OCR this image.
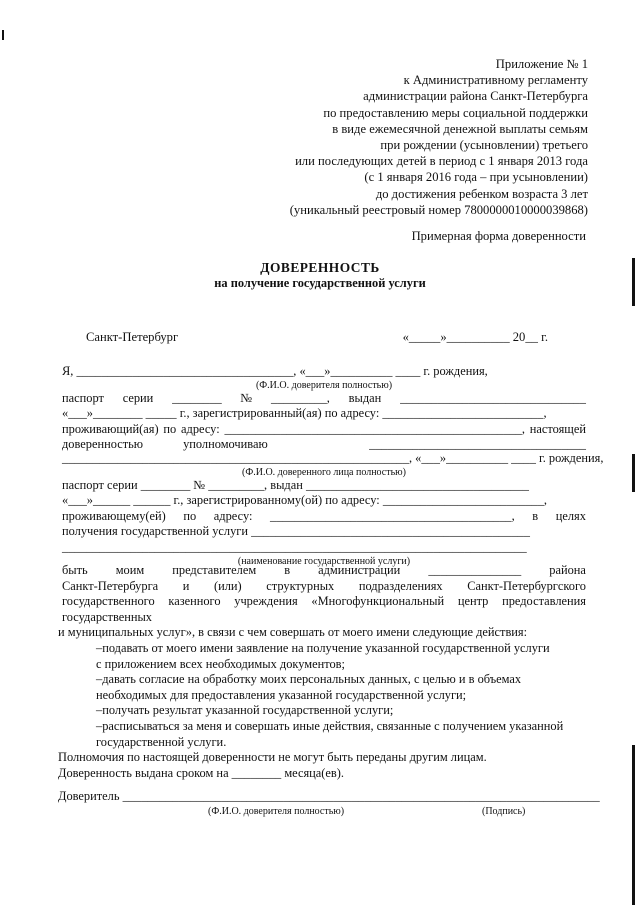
Приложение № 1
к Административному регламенту
администрации района Санкт-Петербурга
по предоставлению меры социальной поддержки
в виде ежемесячной денежной выплаты семьям
при рождении (усыновлении) третьего
или последующих детей в период с 1 января 2013 года
(с 1 января 2016 года – при усыновлении)
до достижения ребенком возраста 3 лет
(уникальный реестровый номер 7800000010000039868)
Примерная форма доверенности
ДОВЕРЕННОСТЬ
на получение государственной услуги
Санкт-Петербург	«_____»__________ 20__ г.
Я, ___________________________________, «___»__________ ____ г. рождения,
(Ф.И.О. доверителя полностью)
паспорт серии ________ № _________, выдан ______________________________
«___»________ _____ г., зарегистрированный(ая) по адресу: __________________________,
проживающий(ая) по адресу: ________________________________________________, настоящей
доверенностью	уполномочиваю	___________________________________
________________________________________________________, «___»__________ ____ г. рождения,
(Ф.И.О. доверенного лица полностью)
паспорт серии ________ № _________, выдан ____________________________________
«___»______ ______ г., зарегистрированному(ой) по адресу: __________________________,
проживающему(ей) по адресу: _______________________________________, в целях
получения государственной услуги _____________________________________________
___________________________________________________________________________
(наименование государственной услуги)
быть моим представителем в администрации _______________ района
Санкт-Петербурга и (или) структурных подразделениях Санкт-Петербургского
государственного казенного учреждения «Многофункциональный центр предоставления
государственных
и муниципальных услуг», в связи с чем совершать от моего имени следующие действия:
–подавать от моего имени заявление на получение указанной государственной услуги
с приложением всех необходимых документов;
–давать согласие на обработку моих персональных данных, с целью и в объемах
необходимых для предоставления указанной государственной услуги;
–получать результат указанной государственной услуги;
–расписываться за меня и совершать иные действия, связанные с получением указанной
государственной услуги.
Полномочия по настоящей доверенности не могут быть переданы другим лицам.
Доверенность выдана сроком на ________ месяца(ев).
Доверитель _____________________________________________________________________________
(Ф.И.О. доверителя полностью)	(Подпись)
